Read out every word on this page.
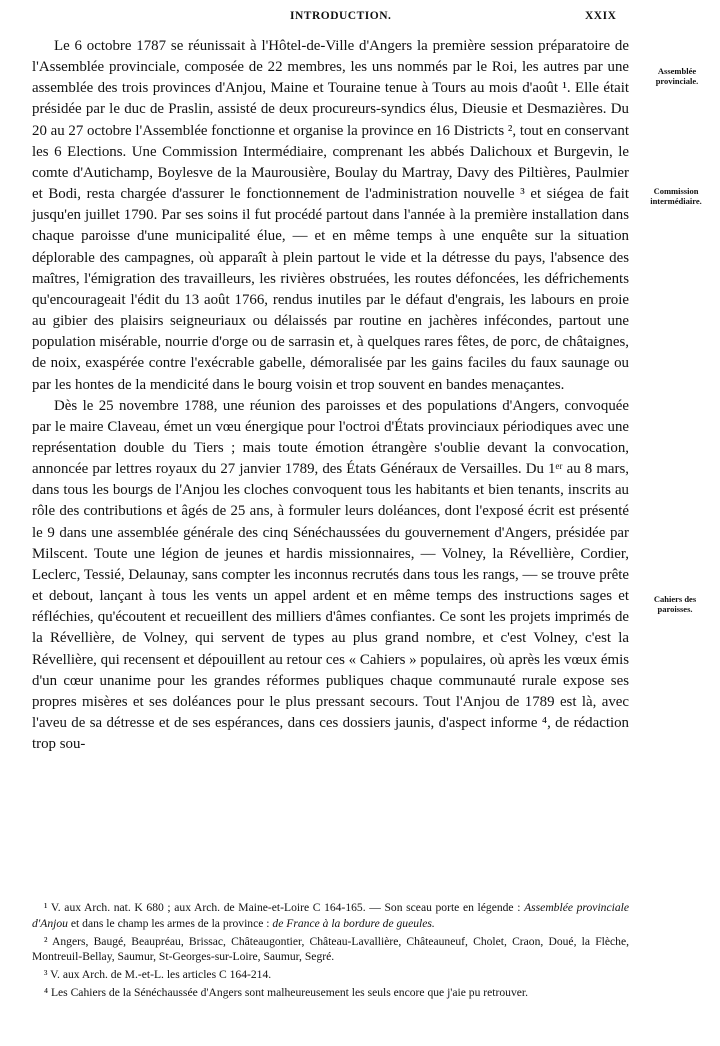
INTRODUCTION.	XXIX
Assemblée provinciale.
Commission intermédiaire.
Cahiers des paroisses.

Le 6 octobre 1787 se réunissait à l'Hôtel-de-Ville d'Angers la première session préparatoire de l'Assemblée provinciale, composée de 22 membres, les uns nommés par le Roi, les autres par une assemblée des trois provinces d'Anjou, Maine et Touraine tenue à Tours au mois d'août ¹. Elle était présidée par le duc de Praslin, assisté de deux procureurs-syndics élus, Dieusie et Desmazières. Du 20 au 27 octobre l'Assemblée fonctionne et organise la province en 16 Districts ², tout en conservant les 6 Elections. Une Commission Intermédiaire, comprenant les abbés Dalichoux et Burgevin, le comte d'Autichamp, Boylesve de la Maurousière, Boulay du Martray, Davy des Piltières, Paulmier et Bodi, resta chargée d'assurer le fonctionnement de l'administration nouvelle ³ et siégea de fait jusqu'en juillet 1790. Par ses soins il fut procédé partout dans l'année à la première installation dans chaque paroisse d'une municipalité élue, — et en même temps à une enquête sur la situation déplorable des campagnes, où apparaît à plein partout le vide et la détresse du pays, l'absence des maîtres, l'émigration des travailleurs, les rivières obstruées, les routes défoncées, les défrichements qu'encourageait l'édit du 13 août 1766, rendus inutiles par le défaut d'engrais, les labours en proie au gibier des plaisirs seigneuriaux ou délaissés par routine en jachères infécondes, partout une population misérable, nourrie d'orge ou de sarrasin et, à quelques rares fêtes, de porc, de châtaignes, de noix, exaspérée contre l'exécrable gabelle, démoralisée par les gains faciles du faux saunage ou par les hontes de la mendicité dans le bourg voisin et trop souvent en bandes menaçantes.

Dès le 25 novembre 1788, une réunion des paroisses et des populations d'Angers, convoquée par le maire Claveau, émet un vœu énergique pour l'octroi d'États provinciaux périodiques avec une représentation double du Tiers ; mais toute émotion étrangère s'oublie devant la convocation, annoncée par lettres royaux du 27 janvier 1789, des États Généraux de Versailles. Du 1ᵉʳ au 8 mars, dans tous les bourgs de l'Anjou les cloches convoquent tous les habitants et bien tenants, inscrits au rôle des contributions et âgés de 25 ans, à formuler leurs doléances, dont l'exposé écrit est présenté le 9 dans une assemblée générale des cinq Sénéchaussées du gouvernement d'Angers, présidée par Milscent. Toute une légion de jeunes et hardis missionnaires, — Volney, la Révellière, Cordier, Leclerc, Tessié, Delaunay, sans compter les inconnus recrutés dans tous les rangs, — se trouve prête et debout, lançant à tous les vents un appel ardent et en même temps des instructions sages et réfléchies, qu'écoutent et recueillent des milliers d'âmes confiantes. Ce sont les projets imprimés de la Révellière, de Volney, qui servent de types au plus grand nombre, et c'est Volney, c'est la Révellière, qui recensent et dépouillent au retour ces « Cahiers » populaires, où après les vœux émis d'un cœur unanime pour les grandes réformes publiques chaque communauté rurale expose ses propres misères et ses doléances pour le plus pressant secours. Tout l'Anjou de 1789 est là, avec l'aveu de sa détresse et de ses espérances, dans ces dossiers jaunis, d'aspect informe ⁴, de rédaction trop sou-

¹ V. aux Arch. nat. K 680 ; aux Arch. de Maine-et-Loire C 164-165. — Son sceau porte en légende : Assemblée provinciale d'Anjou et dans le champ les armes de la province : de France à la bordure de gueules.

² Angers, Baugé, Beaupréau, Brissac, Châteaugontier, Château-Lavallière, Châteauneuf, Cholet, Craon, Doué, la Flèche, Montreuil-Bellay, Saumur, St-Georges-sur-Loire, Saumur, Segré.

³ V. aux Arch. de M.-et-L. les articles C 164-214.

⁴ Les Cahiers de la Sénéchaussée d'Angers sont malheureusement les seuls encore que j'aie pu retrouver.
